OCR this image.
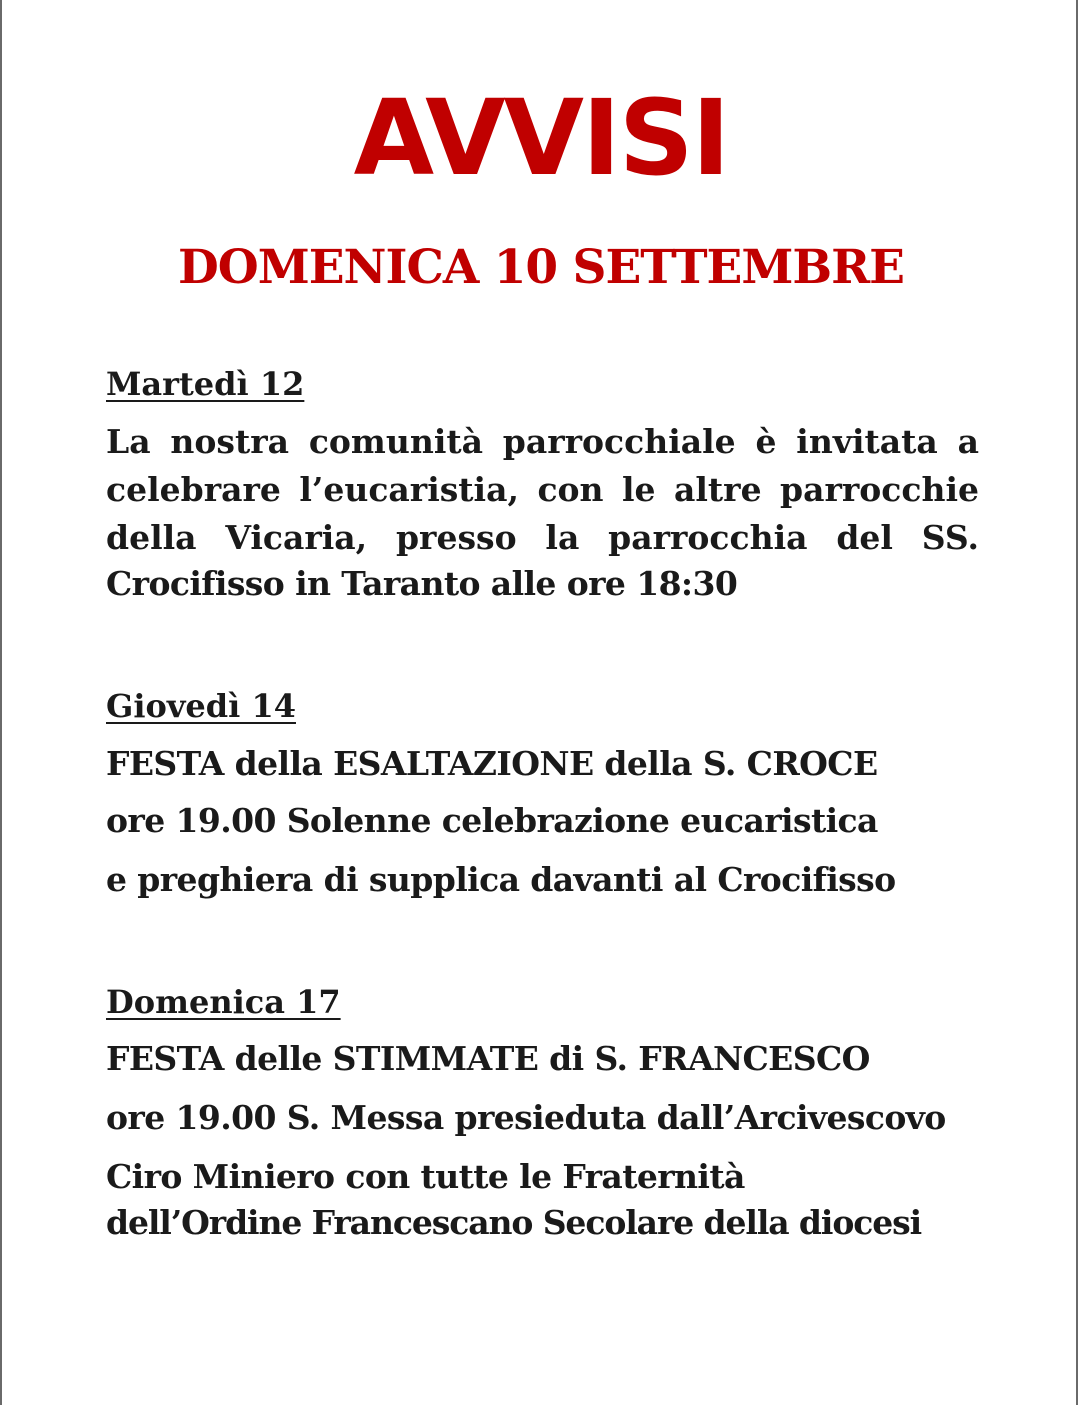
AVVISI
DOMENICA 10 SETTEMBRE
Martedì 12
La nostra comunità parrocchiale è invitata a
celebrare l’eucaristia, con le altre parrocchie
della Vicaria, presso la parrocchia del SS.
Crocifisso in Taranto alle ore 18:30
Giovedì 14
FESTA della ESALTAZIONE della S. CROCE
ore 19.00 Solenne celebrazione eucaristica
e preghiera di supplica davanti al Crocifisso
Domenica 17
FESTA delle STIMMATE di S. FRANCESCO
ore 19.00 S. Messa presieduta dall’Arcivescovo
Ciro Miniero con tutte le Fraternità
dell’Ordine Francescano Secolare della diocesi
